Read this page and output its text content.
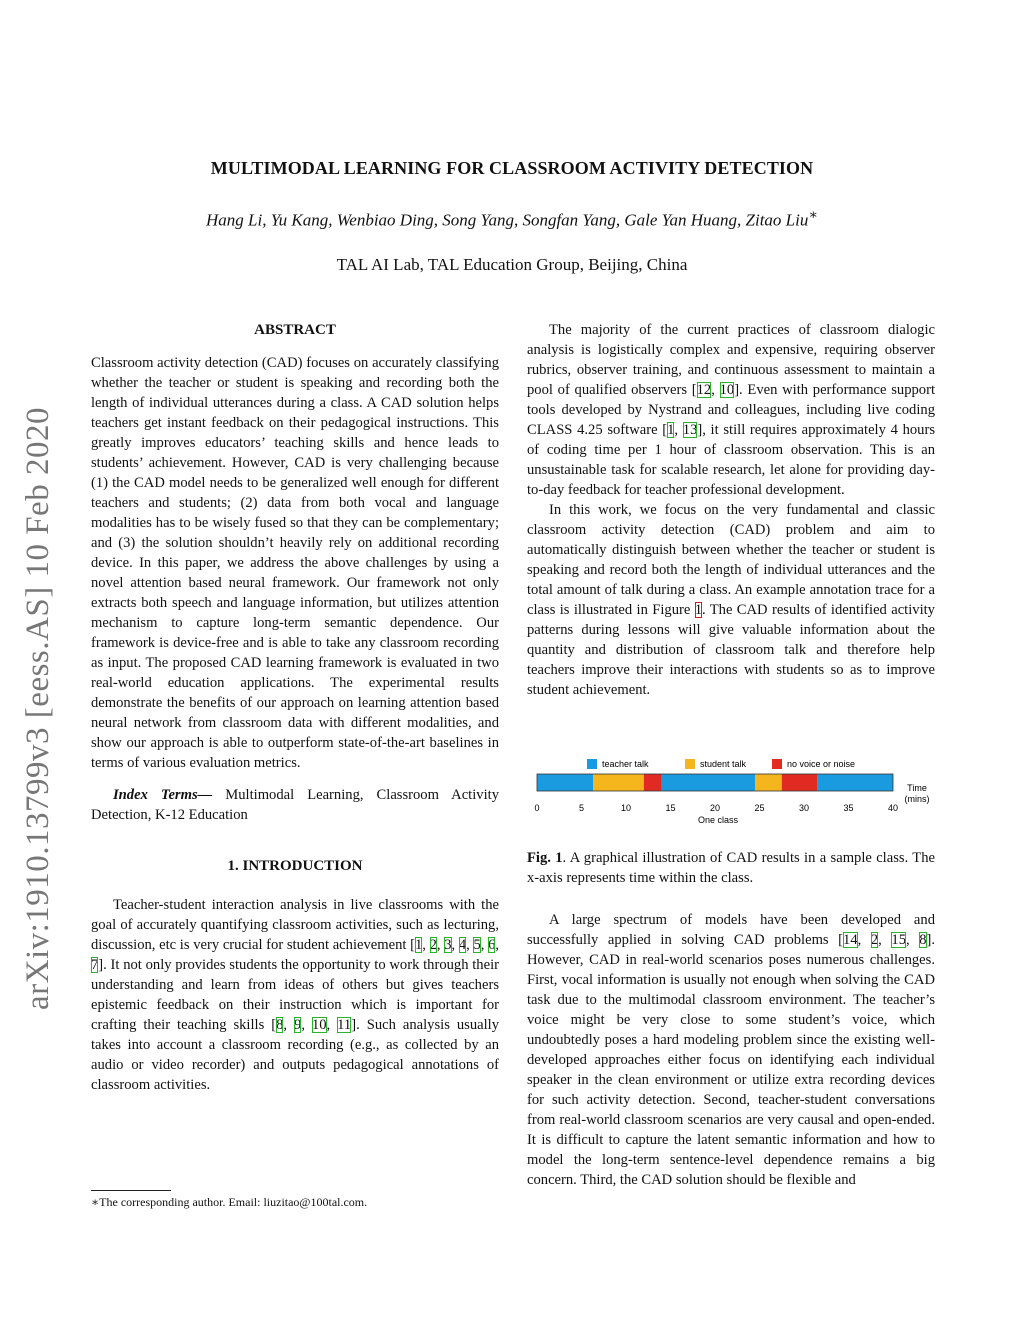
MULTIMODAL LEARNING FOR CLASSROOM ACTIVITY DETECTION
Hang Li, Yu Kang, Wenbiao Ding, Song Yang, Songfan Yang, Gale Yan Huang, Zitao Liu∗
TAL AI Lab, TAL Education Group, Beijing, China
arXiv:1910.13799v3 [eess.AS] 10 Feb 2020
ABSTRACT

Classroom activity detection (CAD) focuses on accurately classifying whether the teacher or student is speaking and recording both the length of individual utterances during a class. A CAD solution helps teachers get instant feedback on their pedagogical instructions. This greatly improves educators’ teaching skills and hence leads to students’ achievement. However, CAD is very challenging because (1) the CAD model needs to be generalized well enough for different teachers and students; (2) data from both vocal and language modalities has to be wisely fused so that they can be complementary; and (3) the solution shouldn’t heavily rely on additional recording device. In this paper, we address the above challenges by using a novel attention based neural framework. Our framework not only extracts both speech and language information, but utilizes attention mechanism to capture long-term semantic dependence. Our framework is device-free and is able to take any classroom recording as input. The proposed CAD learning framework is evaluated in two real-world education applications. The experimental results demonstrate the benefits of our approach on learning attention based neural network from classroom data with different modalities, and show our approach is able to outperform state-of-the-art baselines in terms of various evaluation metrics.

Index Terms— Multimodal Learning, Classroom Activity Detection, K-12 Education

1. INTRODUCTION

Teacher-student interaction analysis in live classrooms with the goal of accurately quantifying classroom activities, such as lecturing, discussion, etc is very crucial for student achievement [1, 2, 3, 4, 5, 6, 7]. It not only provides students the opportunity to work through their understanding and learn from ideas of others but gives teachers epistemic feedback on their instruction which is important for crafting their teaching skills [8, 9, 10, 11]. Such analysis usually takes into account a classroom recording (e.g., as collected by an audio or video recorder) and outputs pedagogical annotations of classroom activities.

∗The corresponding author. Email: liuzitao@100tal.com.

The majority of the current practices of classroom dialogic analysis is logistically complex and expensive, requiring observer rubrics, observer training, and continuous assessment to maintain a pool of qualified observers [12, 10]. Even with performance support tools developed by Nystrand and colleagues, including live coding CLASS 4.25 software [1, 13], it still requires approximately 4 hours of coding time per 1 hour of classroom observation. This is an unsustainable task for scalable research, let alone for providing day-to-day feedback for teacher professional development.

In this work, we focus on the very fundamental and classic classroom activity detection (CAD) problem and aim to automatically distinguish between whether the teacher or student is speaking and record both the length of individual utterances and the total amount of talk during a class. An example annotation trace for a class is illustrated in Figure 1. The CAD results of identified activity patterns during lessons will give valuable information about the quantity and distribution of classroom talk and therefore help teachers improve their interactions with students so as to improve student achievement.

teacher talk	student talk	no voice or noise
0	5	10	15	20	25	30	35	40
One class
Time
(mins)
Fig. 1. A graphical illustration of CAD results in a sample class. The x-axis represents time within the class.

A large spectrum of models have been developed and successfully applied in solving CAD problems [14, 2, 15, 8]. However, CAD in real-world scenarios poses numerous challenges. First, vocal information is usually not enough when solving the CAD task due to the multimodal classroom environment. The teacher’s voice might be very close to some student’s voice, which undoubtedly poses a hard modeling problem since the existing well-developed approaches either focus on identifying each individual speaker in the clean environment or utilize extra recording devices for such activity detection. Second, teacher-student conversations from real-world classroom scenarios are very causal and open-ended. It is difficult to capture the latent semantic information and how to model the long-term sentence-level dependence remains a big concern. Third, the CAD solution should be flexible and
